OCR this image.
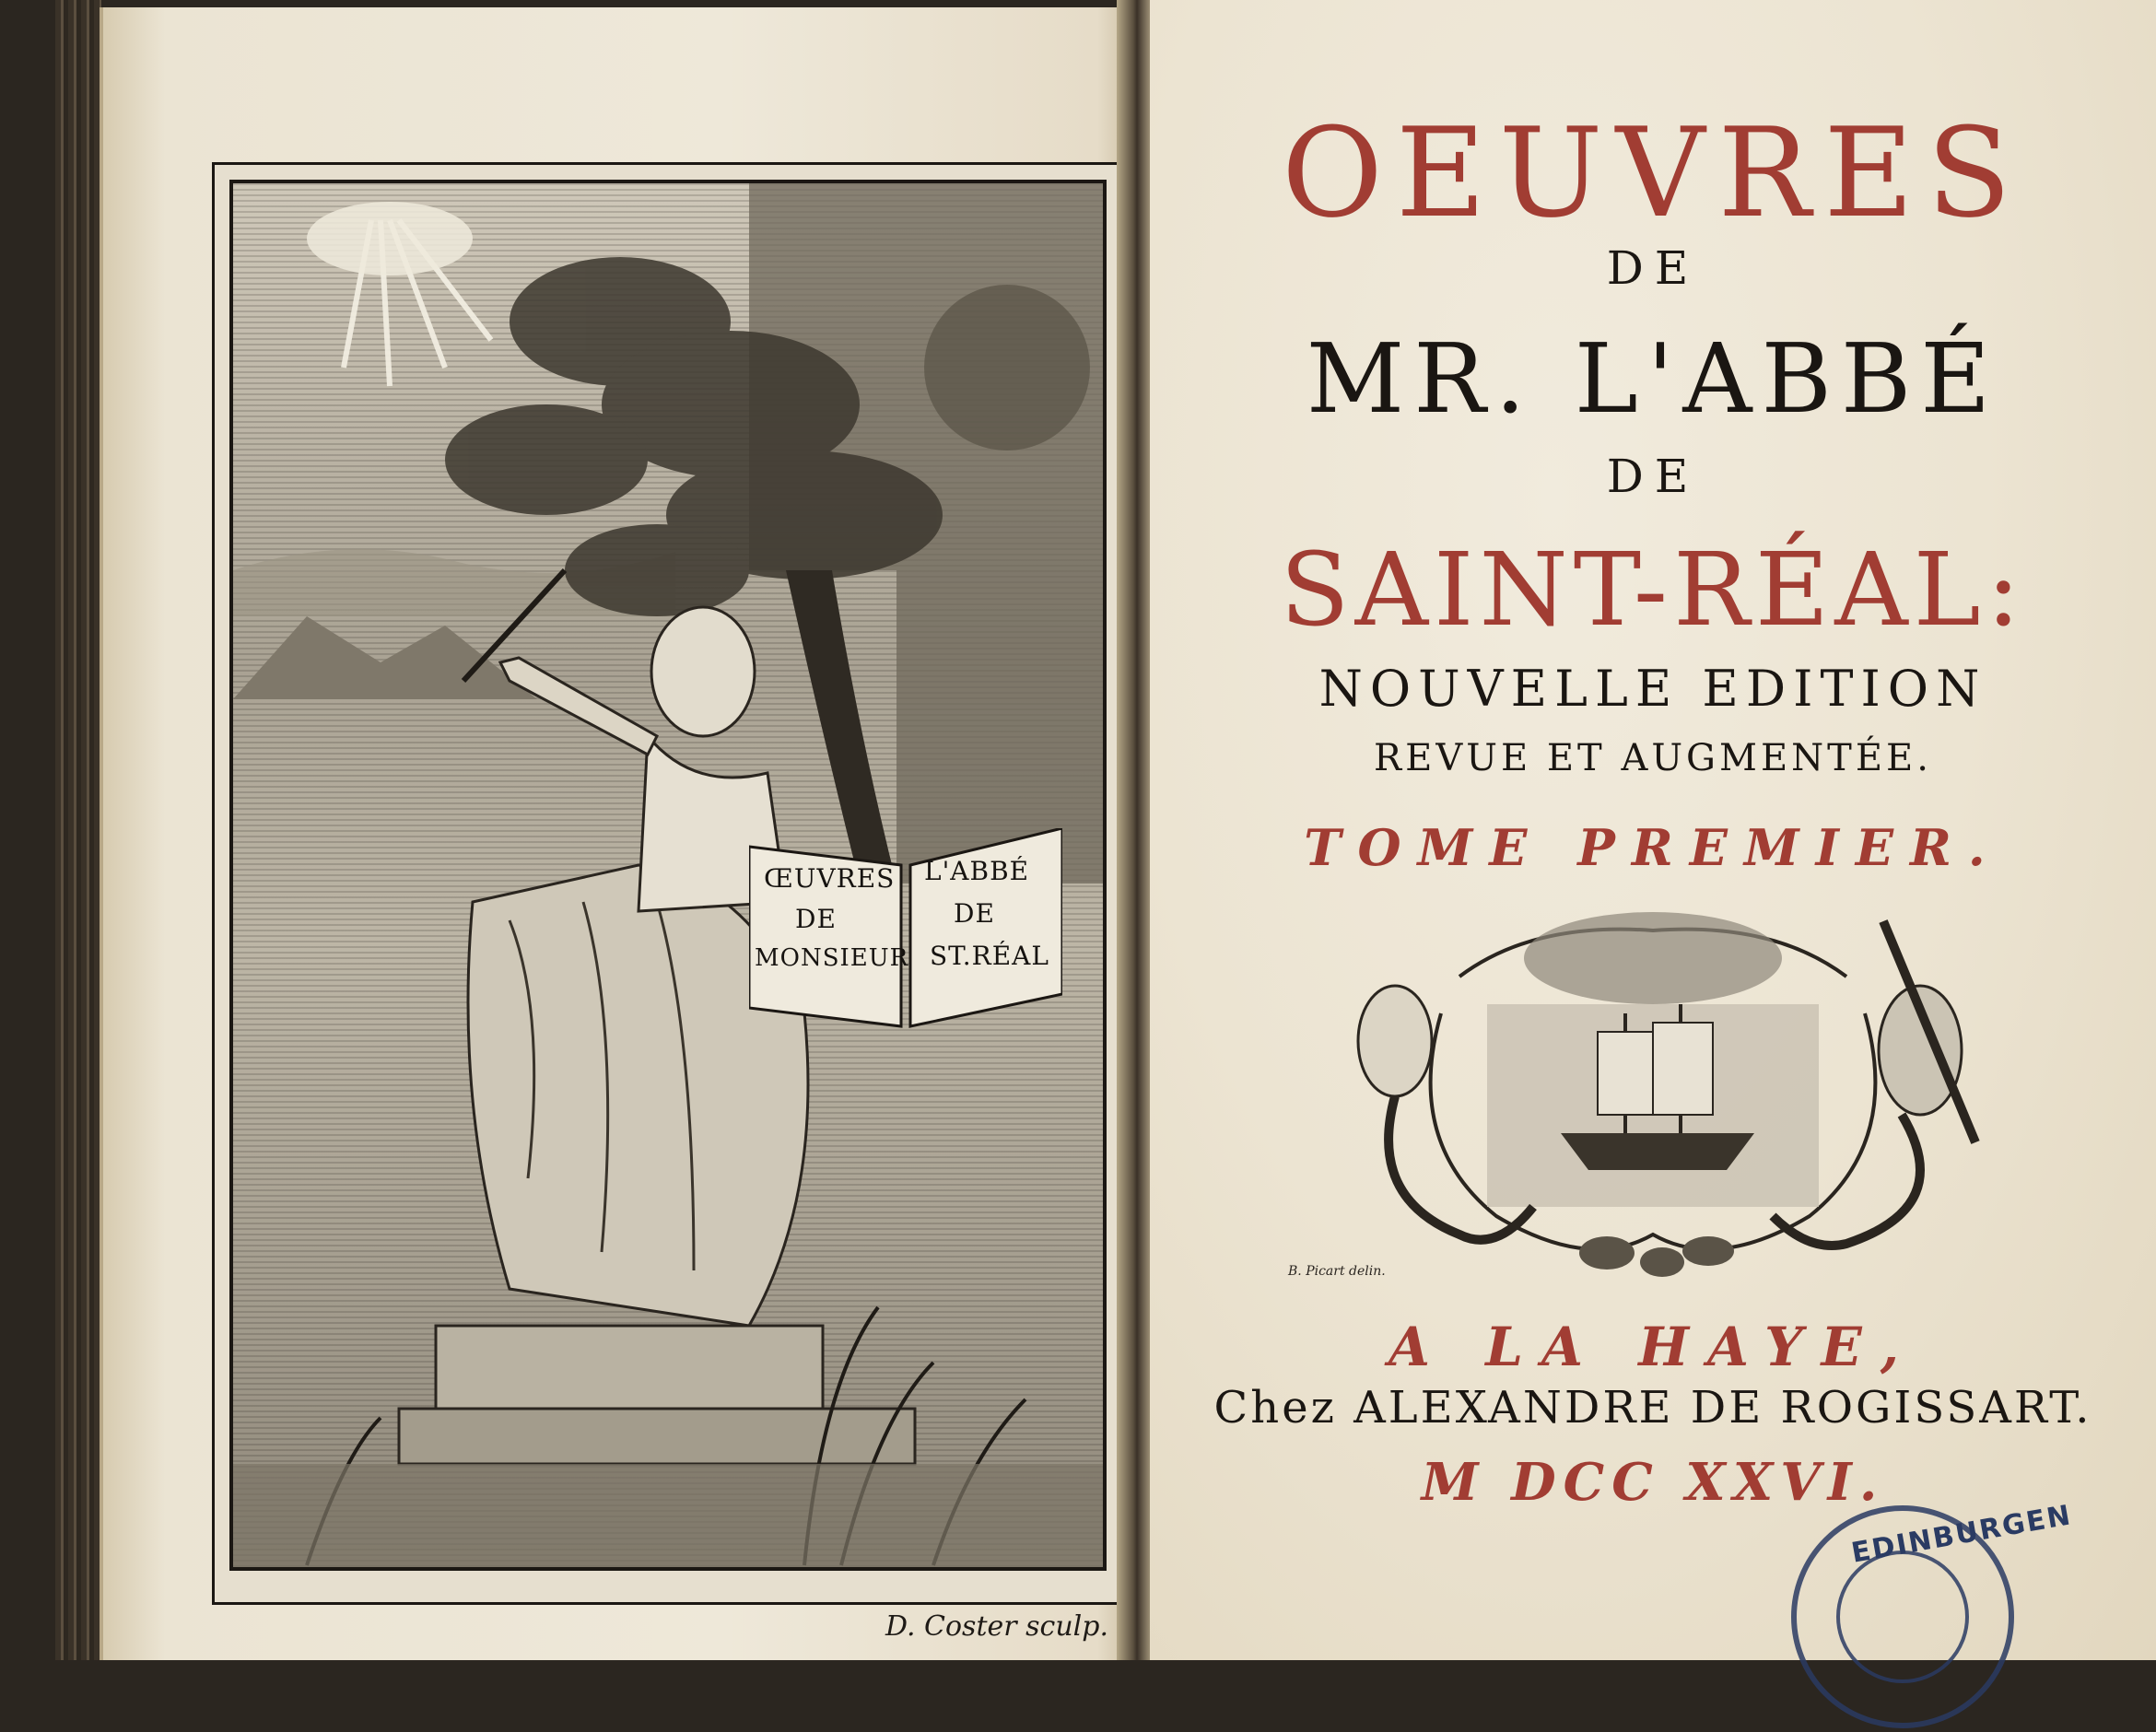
ŒUVRES
DE
MONSIEUR
L'ABBÉ
DE
ST.RÉAL
D. Coster sculp.
OEUVRES
DE
MR. L'ABBÉ
DE
SAINT-RÉAL:
NOUVELLE EDITION
REVUE ET AUGMENTÉE.
TOME PREMIER.
B. Picart delin.
A LA HAYE,
Chez ALEXANDRE DE ROGISSART.
M DCC XXVI.
EDINBURGEN
